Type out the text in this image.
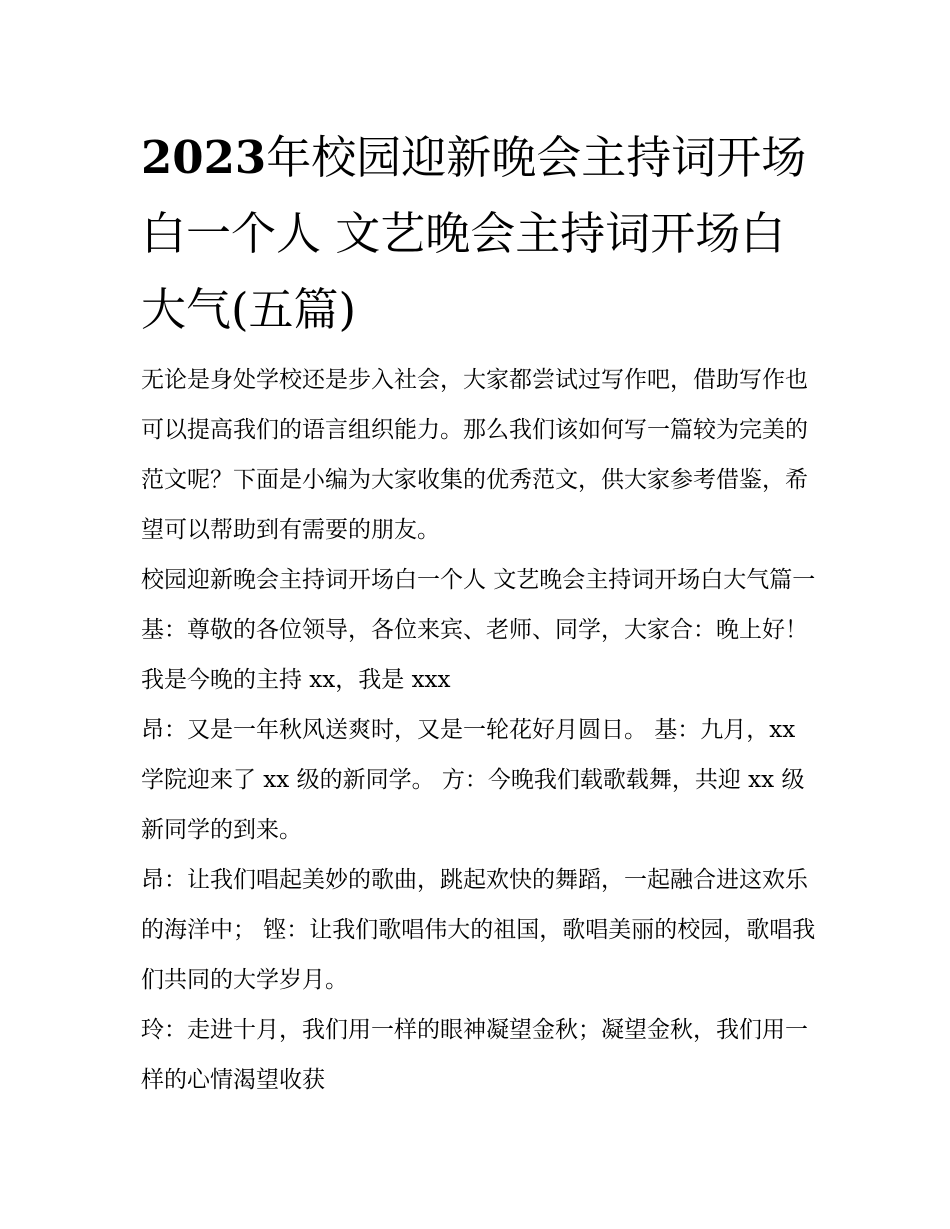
2023年校园迎新晚会主持词开场白一个人 文艺晚会主持词开场白大气(五篇)

无论是身处学校还是步入社会，大家都尝试过写作吧，借助写作也可以提高我们的语言组织能力。那么我们该如何写一篇较为完美的范文呢？下面是小编为大家收集的优秀范文，供大家参考借鉴，希望可以帮助到有需要的朋友。

校园迎新晚会主持词开场白一个人 文艺晚会主持词开场白大气篇一 基：尊敬的各位领导，各位来宾、老师、同学，大家合：晚上好！ 我是今晚的主持 xx，我是 xxx

昂：又是一年秋风送爽时，又是一轮花好月圆日。 基：九月，xx 学院迎来了 xx 级的新同学。 方：今晚我们载歌载舞，共迎 xx 级新同学的到来。

昂：让我们唱起美妙的歌曲，跳起欢快的舞蹈，一起融合进这欢乐的海洋中； 铿：让我们歌唱伟大的祖国，歌唱美丽的校园，歌唱我们共同的大学岁月。

玲：走进十月，我们用一样的眼神凝望金秋；凝望金秋，我们用一样的心情渴望收获
